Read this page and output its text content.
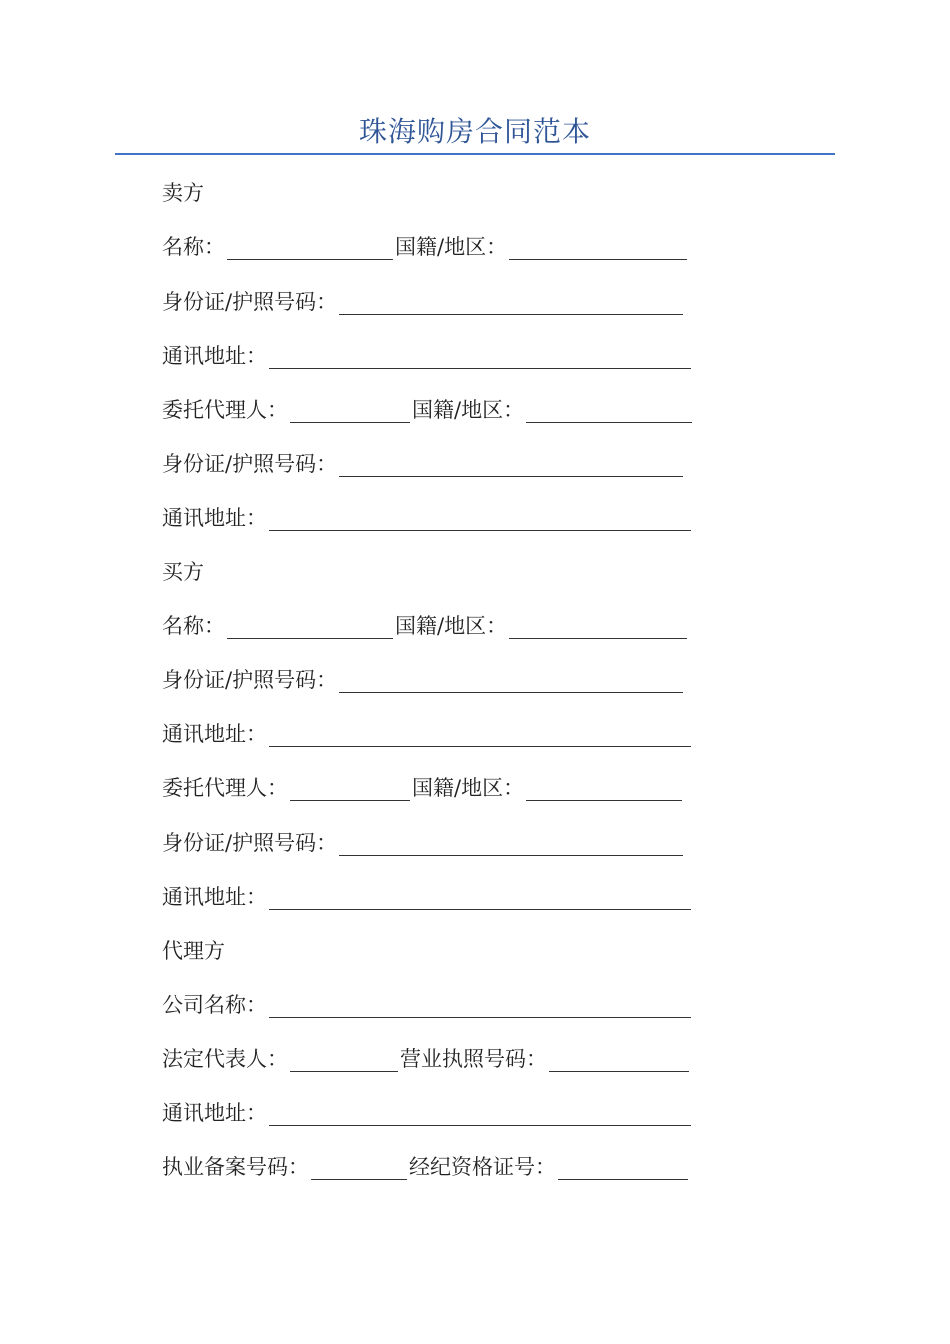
珠海购房合同范本
卖方
名称：	国籍/地区：
身份证/护照号码：
通讯地址：
委托代理人：	国籍/地区：
身份证/护照号码：
通讯地址：
买方
名称：	国籍/地区：
身份证/护照号码：
通讯地址：
委托代理人：	国籍/地区：
身份证/护照号码：
通讯地址：
代理方
公司名称：
法定代表人：	营业执照号码：
通讯地址：
执业备案号码：	经纪资格证号：
